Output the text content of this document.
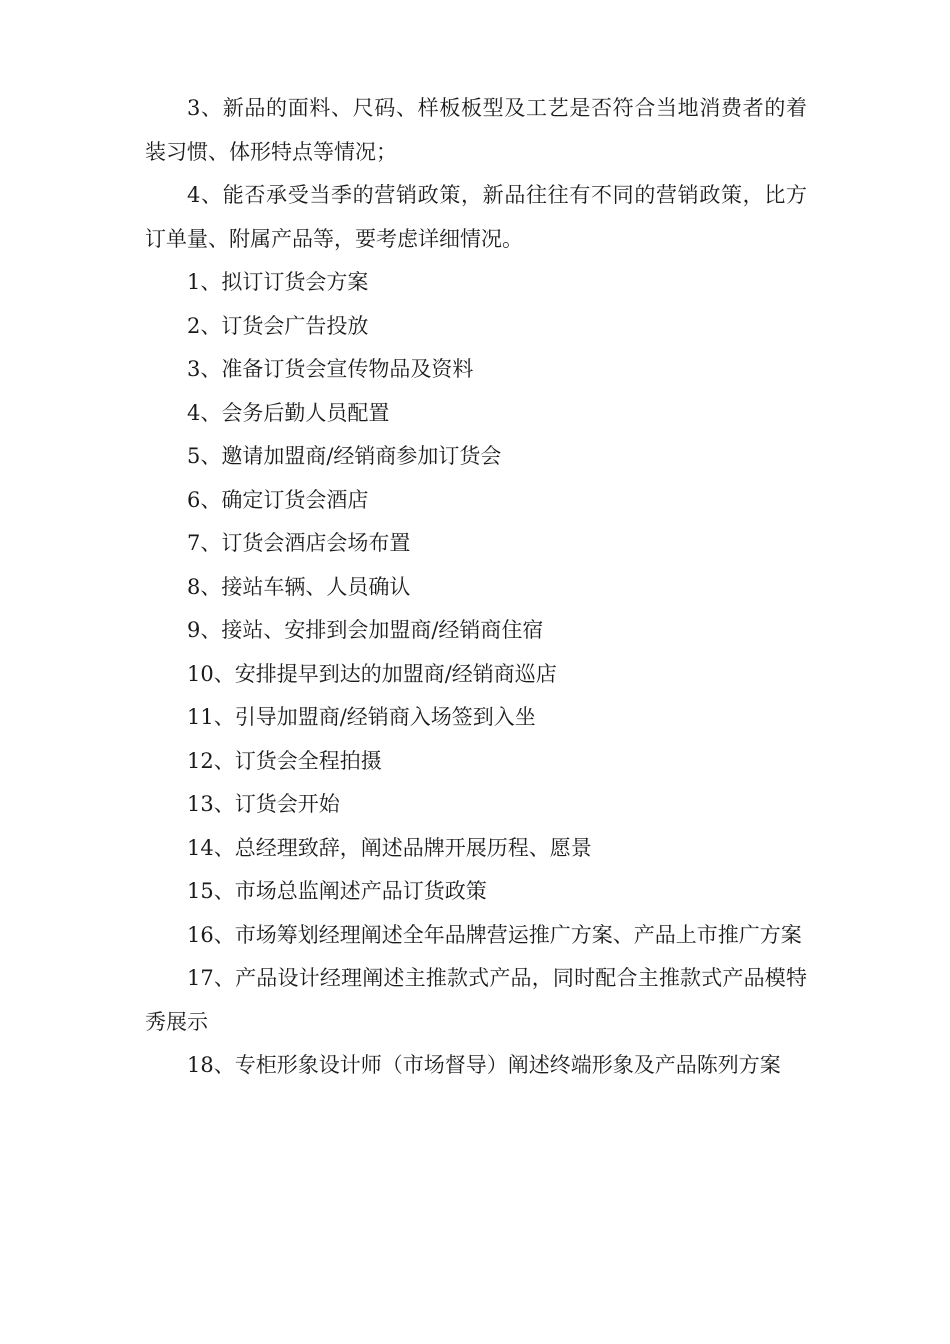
3、新品的面料、尺码、样板板型及工艺是否符合当地消费者的着装习惯、体形特点等情况；

4、能否承受当季的营销政策，新品往往有不同的营销政策，比方订单量、附属产品等，要考虑详细情况。

1、拟订订货会方案

2、订货会广告投放

3、准备订货会宣传物品及资料

4、会务后勤人员配置

5、邀请加盟商/经销商参加订货会

6、确定订货会酒店

7、订货会酒店会场布置

8、接站车辆、人员确认

9、接站、安排到会加盟商/经销商住宿

10、安排提早到达的加盟商/经销商巡店

11、引导加盟商/经销商入场签到入坐

12、订货会全程拍摄

13、订货会开始

14、总经理致辞，阐述品牌开展历程、愿景

15、市场总监阐述产品订货政策

16、市场筹划经理阐述全年品牌营运推广方案、产品上市推广方案

17、产品设计经理阐述主推款式产品，同时配合主推款式产品模特秀展示

18、专柜形象设计师（市场督导）阐述终端形象及产品陈列方案
